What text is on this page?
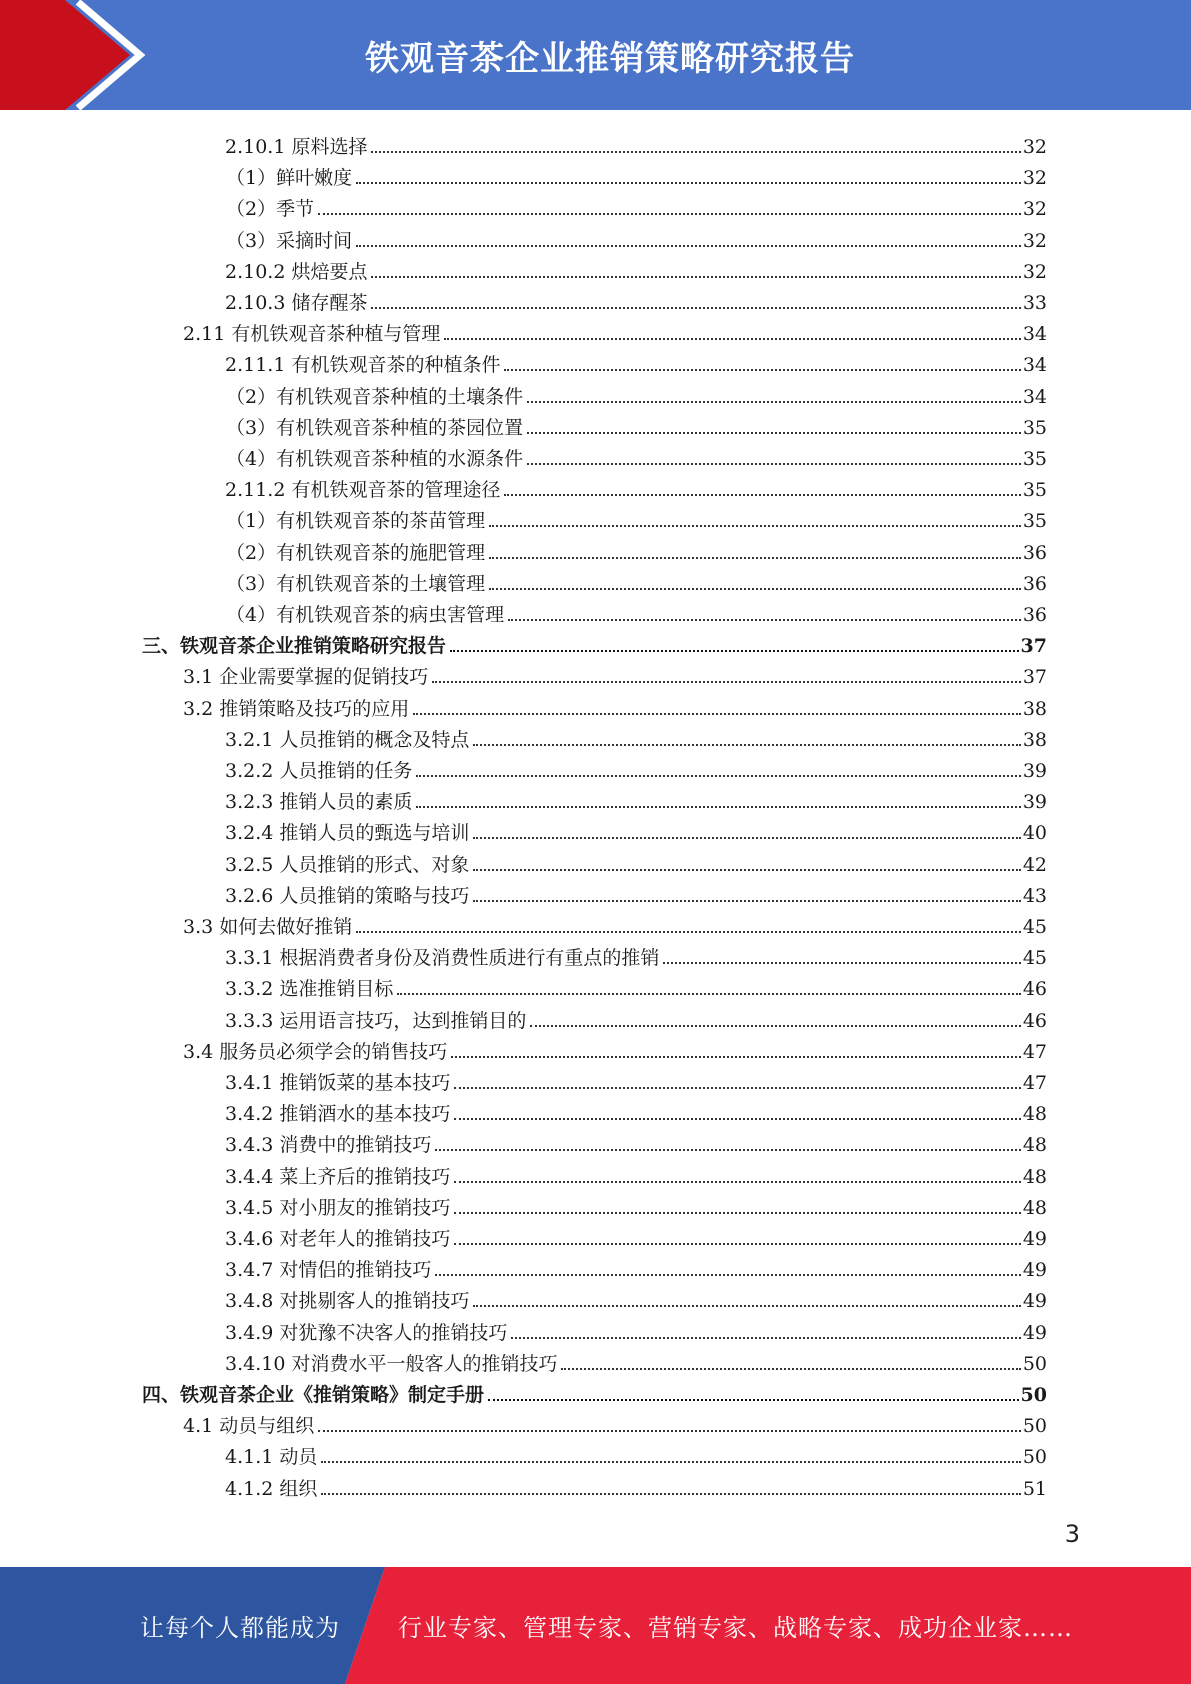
铁观音茶企业推销策略研究报告
2.10.1 原料选择	32
（1）鲜叶嫩度	32
（2）季节	32
（3）采摘时间	32
2.10.2 烘焙要点	32
2.10.3 储存醒茶	33
2.11 有机铁观音茶种植与管理	34
2.11.1 有机铁观音茶的种植条件	34
（2）有机铁观音茶种植的土壤条件	34
（3）有机铁观音茶种植的茶园位置	35
（4）有机铁观音茶种植的水源条件	35
2.11.2 有机铁观音茶的管理途径	35
（1）有机铁观音茶的茶苗管理	35
（2）有机铁观音茶的施肥管理	36
（3）有机铁观音茶的土壤管理	36
（4）有机铁观音茶的病虫害管理	36
三、铁观音茶企业推销策略研究报告	37
3.1 企业需要掌握的促销技巧	37
3.2 推销策略及技巧的应用	38
3.2.1 人员推销的概念及特点	38
3.2.2 人员推销的任务	39
3.2.3 推销人员的素质	39
3.2.4 推销人员的甄选与培训	40
3.2.5 人员推销的形式、对象	42
3.2.6 人员推销的策略与技巧	43
3.3 如何去做好推销	45
3.3.1 根据消费者身份及消费性质进行有重点的推销	45
3.3.2 选准推销目标	46
3.3.3 运用语言技巧，达到推销目的	46
3.4 服务员必须学会的销售技巧	47
3.4.1 推销饭菜的基本技巧	47
3.4.2 推销酒水的基本技巧	48
3.4.3 消费中的推销技巧	48
3.4.4 菜上齐后的推销技巧	48
3.4.5 对小朋友的推销技巧	48
3.4.6 对老年人的推销技巧	49
3.4.7 对情侣的推销技巧	49
3.4.8 对挑剔客人的推销技巧	49
3.4.9 对犹豫不决客人的推销技巧	49
3.4.10 对消费水平一般客人的推销技巧	50
四、铁观音茶企业《推销策略》制定手册	50
4.1 动员与组织	50
4.1.1 动员	50
4.1.2 组织	51
3
让每个人都能成为 行业专家、管理专家、营销专家、战略专家、成功企业家……
